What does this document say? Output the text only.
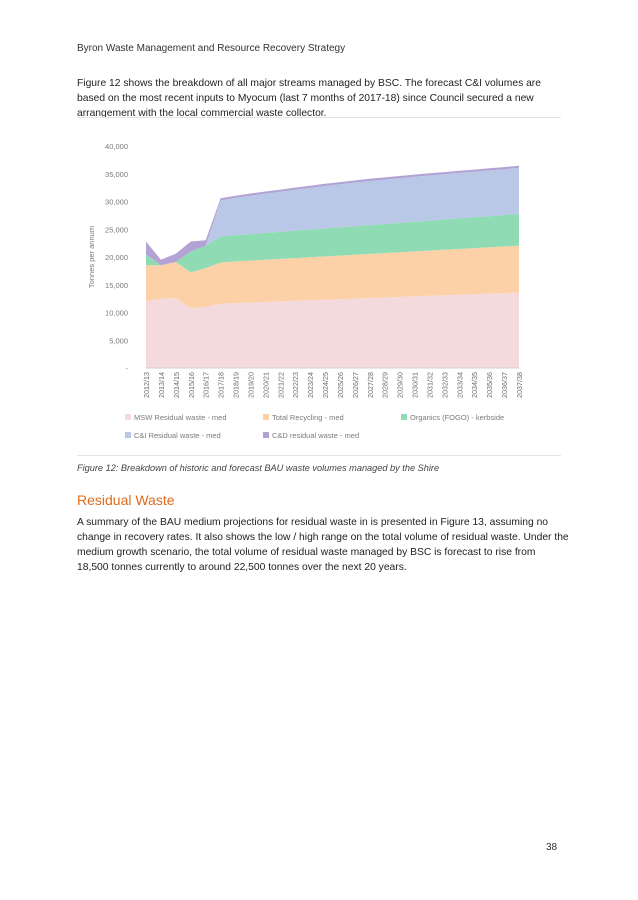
Byron Waste Management and Resource Recovery Strategy

Figure 12 shows the breakdown of all major streams managed by BSC. The forecast C&I volumes are based on the most recent inputs to Myocum (last 7 months of 2017-18) since Council secured a new arrangement with the local commercial waste collector.

-
5,000
10,000
15,000
20,000
25,000
30,000
35,000
40,000
Tonnes per annum
2012/13 2013/14 2014/15 2015/16 2016/17 2017/18 2018/19 2019/20 2020/21 2021/22 2022/23 2023/24 2024/25 2025/26 2026/27 2027/28 2028/29 2029/30 2030/31 2031/32 2032/33 2033/34 2034/35 2035/36 2036/37 2037/38
MSW Residual waste - med	Total Recycling - med	Organics (FOGO) - kerbside
C&I Residual waste - med	C&D residual waste - med
Figure 12: Breakdown of historic and forecast BAU waste volumes managed by the Shire
Residual Waste

A summary of the BAU medium projections for residual waste in is presented in Figure 13, assuming no change in recovery rates. It also shows the low / high range on the total volume of residual waste. Under the medium growth scenario, the total volume of residual waste managed by BSC is forecast to rise from 18,500 tonnes currently to around 22,500 tonnes over the next 20 years.

38
